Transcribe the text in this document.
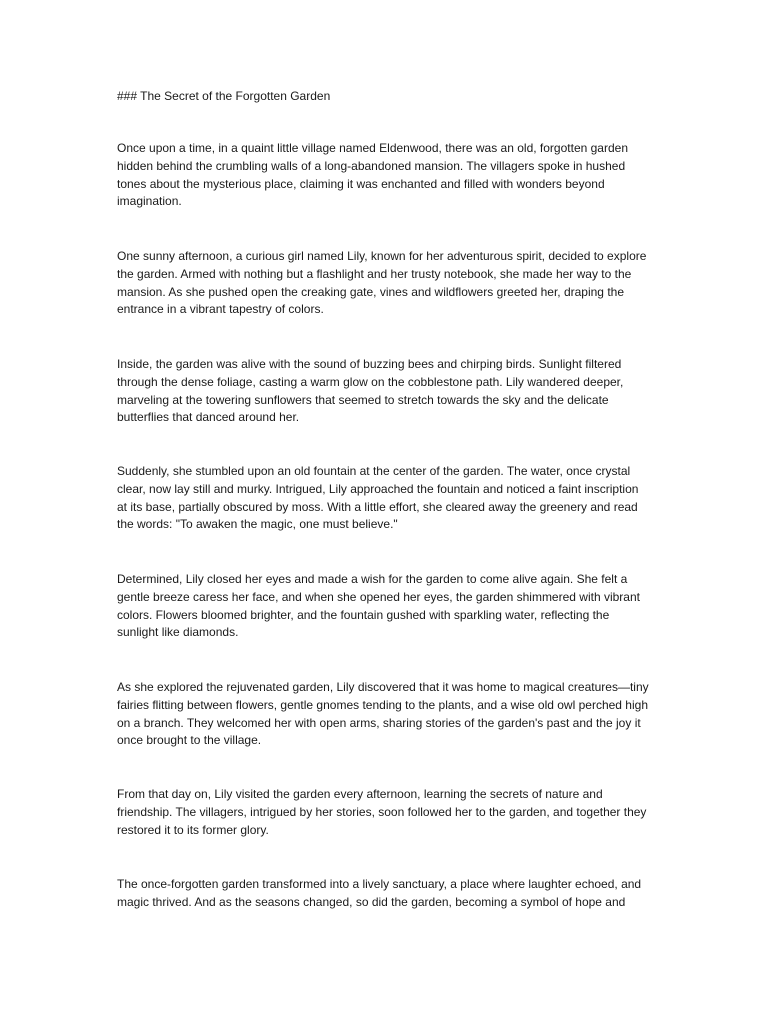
### The Secret of the Forgotten Garden

Once upon a time, in a quaint little village named Eldenwood, there was an old, forgotten garden
hidden behind the crumbling walls of a long-abandoned mansion. The villagers spoke in hushed
tones about the mysterious place, claiming it was enchanted and filled with wonders beyond
imagination.

One sunny afternoon, a curious girl named Lily, known for her adventurous spirit, decided to explore
the garden. Armed with nothing but a flashlight and her trusty notebook, she made her way to the
mansion. As she pushed open the creaking gate, vines and wildflowers greeted her, draping the
entrance in a vibrant tapestry of colors.

Inside, the garden was alive with the sound of buzzing bees and chirping birds. Sunlight filtered
through the dense foliage, casting a warm glow on the cobblestone path. Lily wandered deeper,
marveling at the towering sunflowers that seemed to stretch towards the sky and the delicate
butterflies that danced around her.

Suddenly, she stumbled upon an old fountain at the center of the garden. The water, once crystal
clear, now lay still and murky. Intrigued, Lily approached the fountain and noticed a faint inscription
at its base, partially obscured by moss. With a little effort, she cleared away the greenery and read
the words: "To awaken the magic, one must believe."

Determined, Lily closed her eyes and made a wish for the garden to come alive again. She felt a
gentle breeze caress her face, and when she opened her eyes, the garden shimmered with vibrant
colors. Flowers bloomed brighter, and the fountain gushed with sparkling water, reflecting the
sunlight like diamonds.

As she explored the rejuvenated garden, Lily discovered that it was home to magical creatures—tiny
fairies flitting between flowers, gentle gnomes tending to the plants, and a wise old owl perched high
on a branch. They welcomed her with open arms, sharing stories of the garden's past and the joy it
once brought to the village.

From that day on, Lily visited the garden every afternoon, learning the secrets of nature and
friendship. The villagers, intrigued by her stories, soon followed her to the garden, and together they
restored it to its former glory.

The once-forgotten garden transformed into a lively sanctuary, a place where laughter echoed, and
magic thrived. And as the seasons changed, so did the garden, becoming a symbol of hope and
